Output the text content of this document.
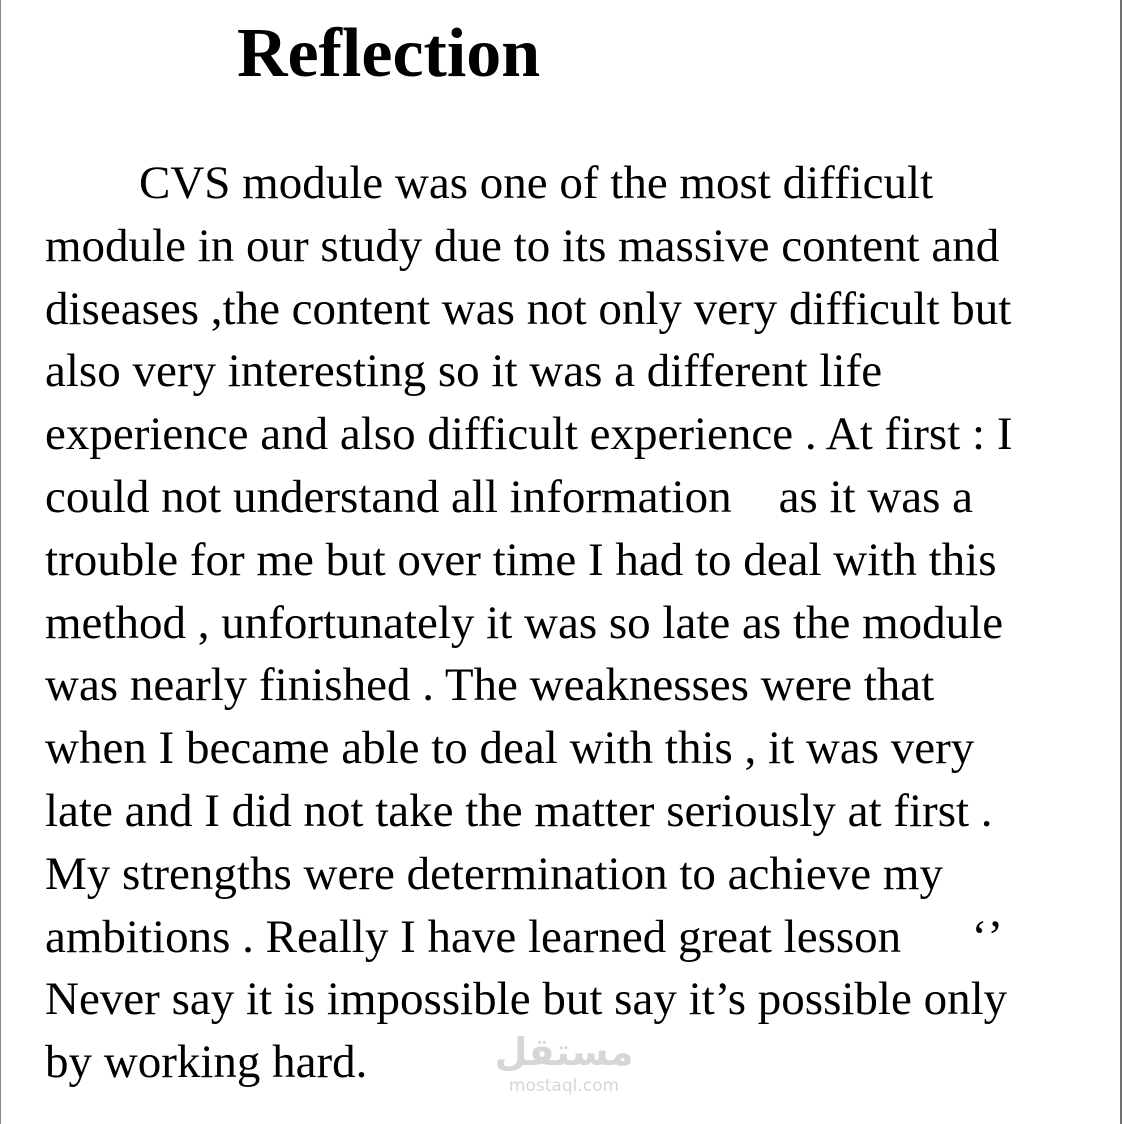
Reflection
CVS module was one of the most difficult
module in our study due to its massive content and
diseases ,the content was not only very difficult but
also very interesting so it was a different life
experience and also difficult experience . At first : I
could not understand all information    as it was a
trouble for me but over time I had to deal with this
method , unfortunately it was so late as the module
was nearly finished . The weaknesses were that
when I became able to deal with this , it was very
late and I did not take the matter seriously at first .
My strengths were determination to achieve my
ambitions . Really I have learned great lesson      ‘’
Never say it is impossible but say it’s possible only
by working hard.	مستقل
mostaql.com
